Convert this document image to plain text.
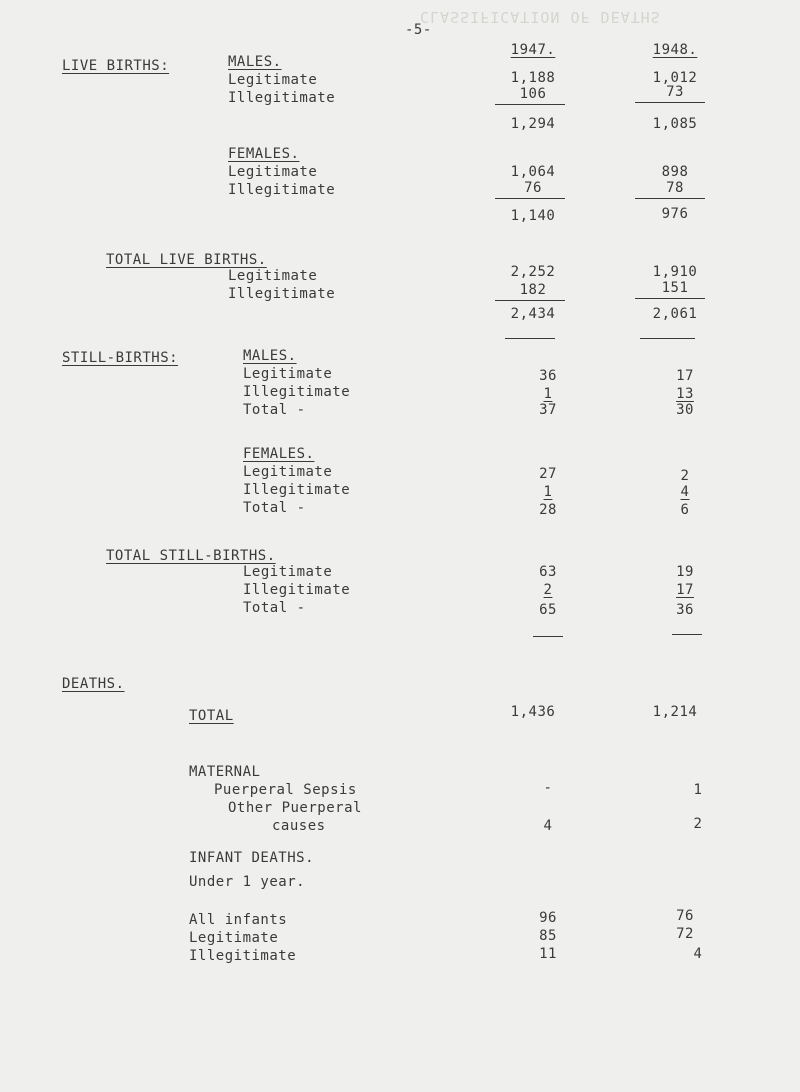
CLASSIFICATION OF DEATHS
-5-
1947.	1948.
LIVE BIRTHS:	MALES.
Legitimate	1,188	1,012
Illegitimate	106	73
1,294	1,085
FEMALES.
Legitimate	1,064	898
Illegitimate	76	78
1,140	976
TOTAL LIVE BIRTHS.
Legitimate	2,252	1,910
Illegitimate	182	151
2,434	2,061
STILL-BIRTHS:	MALES.
Legitimate	36	17
Illegitimate	1	13
Total -	37	30
FEMALES.
Legitimate	27	2
Illegitimate	1	4
Total -	28	6
TOTAL STILL-BIRTHS.
Legitimate	63	19
Illegitimate	2	17
Total -	65	36
DEATHS.
TOTAL	1,436	1,214
MATERNAL
Puerperal Sepsis	-	1
Other Puerperal
causes	4	2
INFANT DEATHS.
Under 1 year.
All infants	96	76
Legitimate	85	72
Illegitimate	11	4
